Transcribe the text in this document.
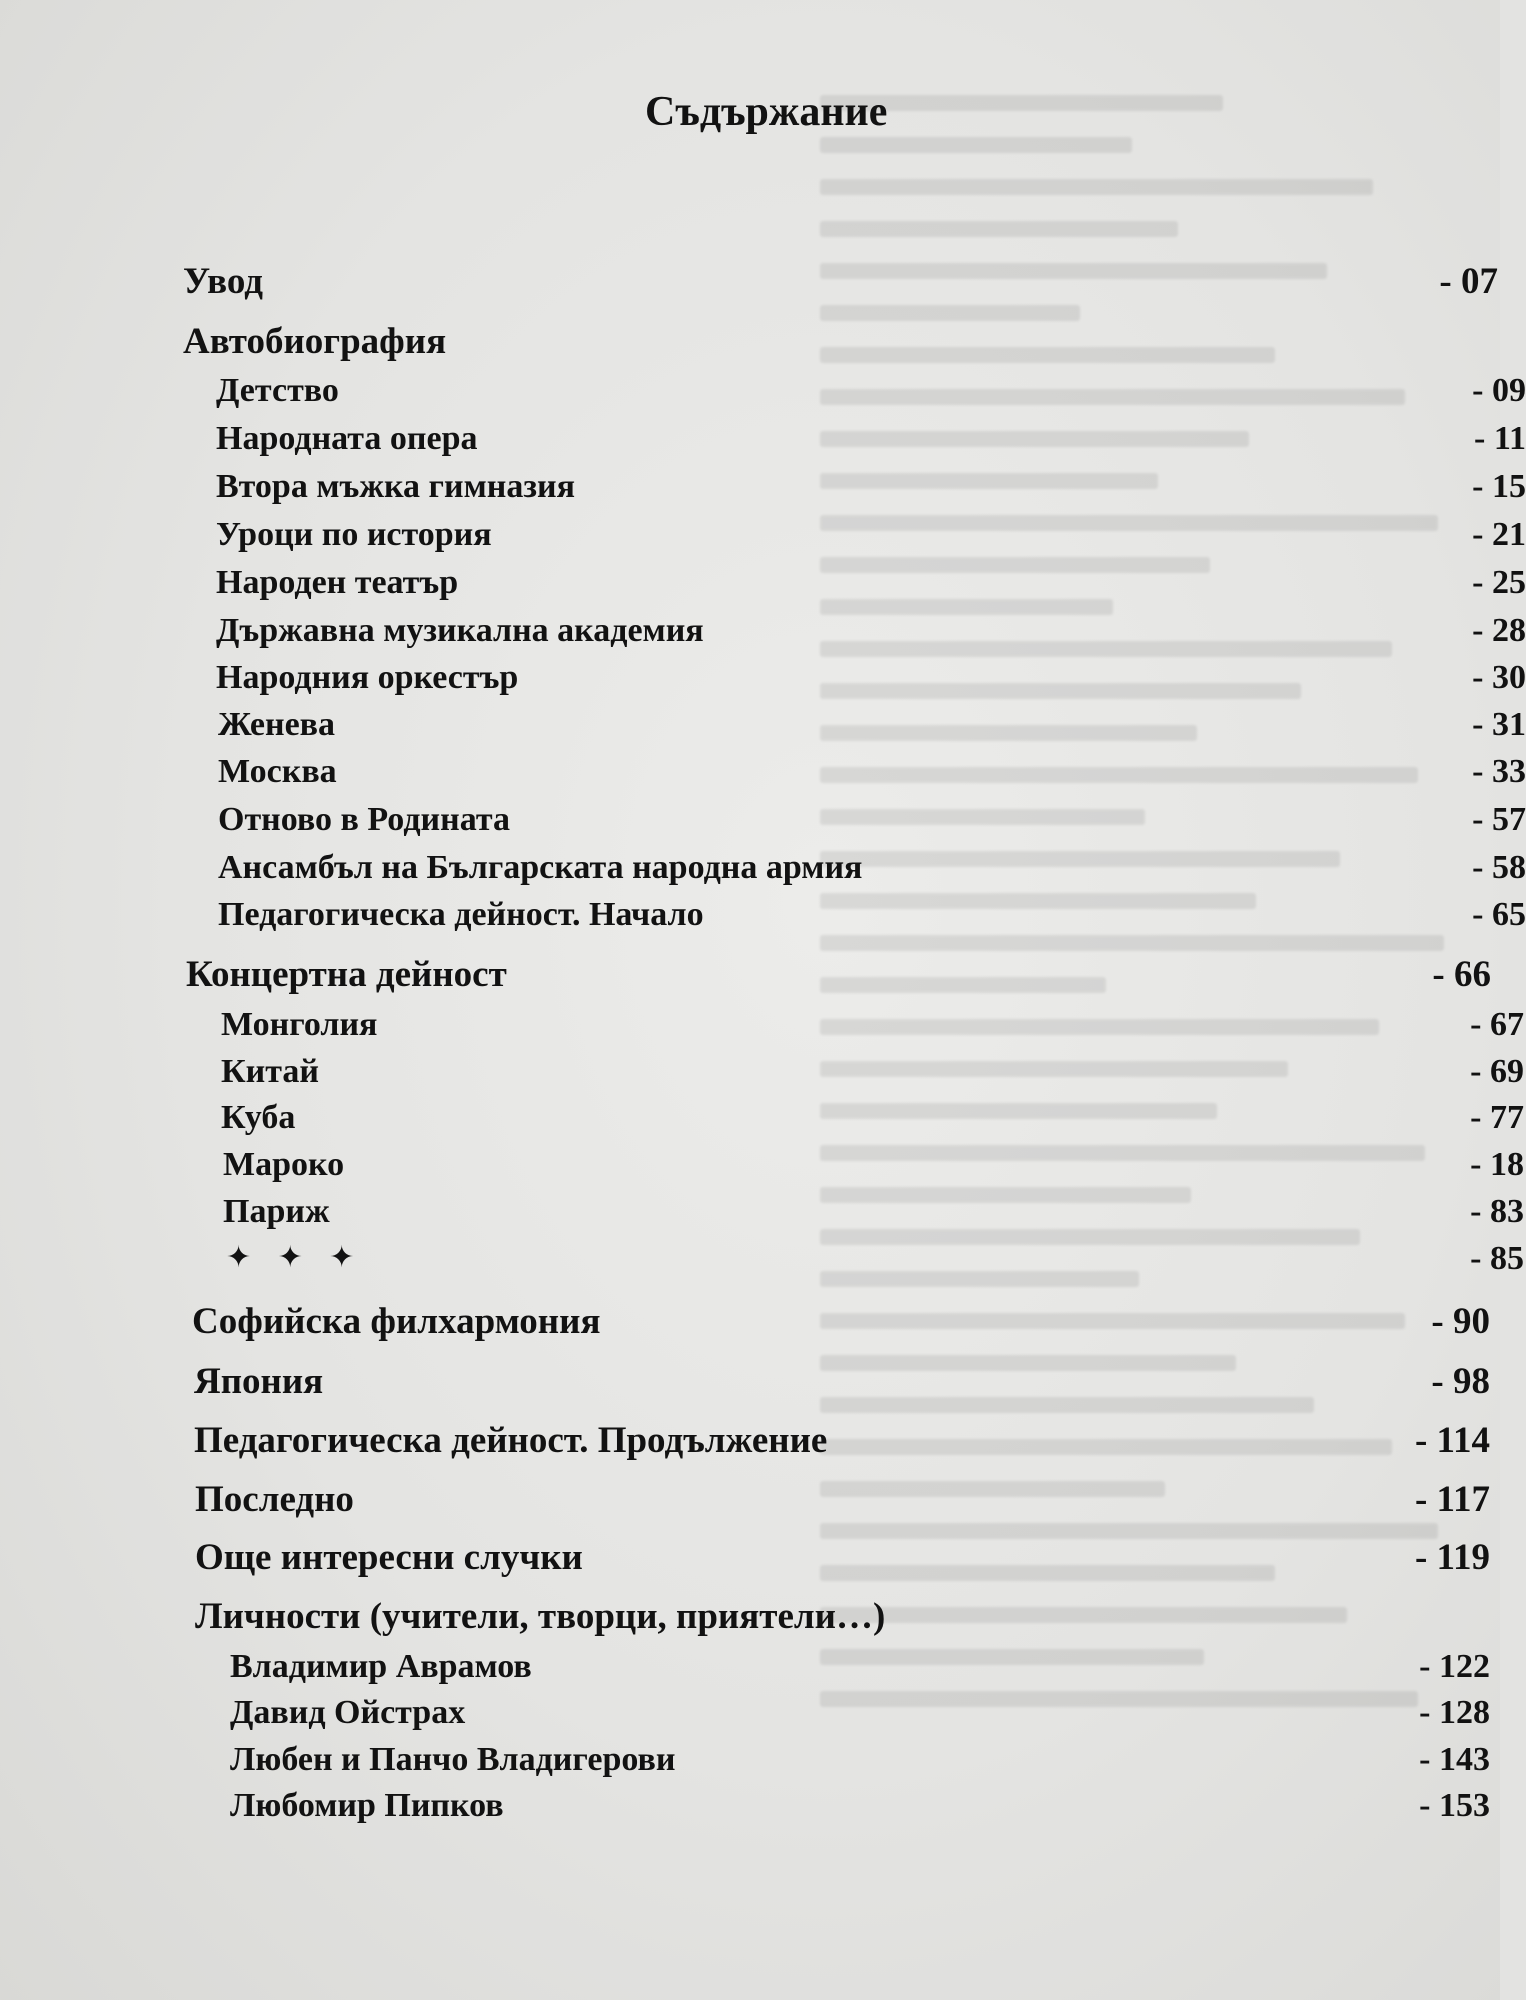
Съдържание
Увод	- 07
Автобиография
Детство	- 09
Народната опера	- 11
Втора мъжка гимназия	- 15
Уроци по история	- 21
Народен театър	- 25
Държавна музикална академия	- 28
Народния оркестър	- 30
Женева	- 31
Москва	- 33
Отново в Родината	- 57
Ансамбъл на Българската народна армия	- 58
Педагогическа дейност. Начало	- 65
Концертна дейност	- 66
Монголия	- 67
Китай	- 69
Куба	- 77
Мароко	- 18
Париж	- 83
✦ ✦ ✦	- 85
Софийска филхармония	- 90
Япония	- 98
Педагогическа дейност. Продължение	- 114
Последно	- 117
Още интересни случки	- 119
Личности (учители, творци, приятели…)
Владимир Аврамов	- 122
Давид Ойстрах	- 128
Любен и Панчо Владигерови	- 143
Любомир Пипков	- 153
